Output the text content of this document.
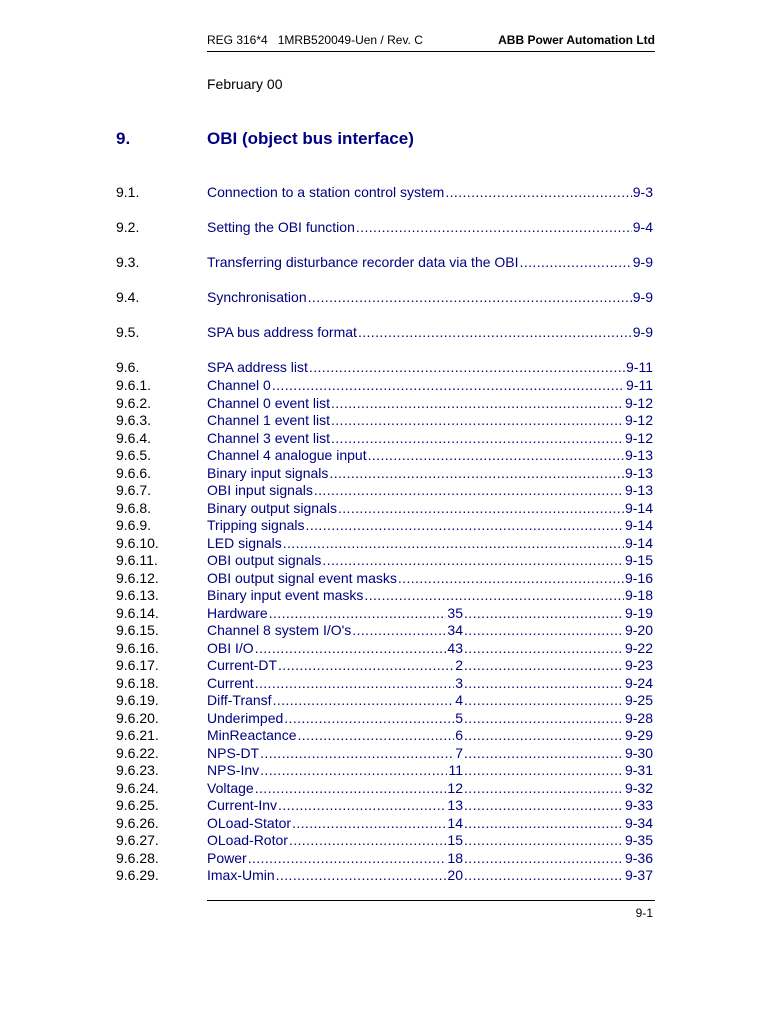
REG 316*4   1MRB520049-Uen / Rev. C	ABB Power Automation Ltd
February 00
9.	OBI (object bus interface)
9.1.	Connection to a station control system .....	9-3
9.2.	Setting the OBI function .....	9-4
9.3.	Transferring disturbance recorder data via the OBI .....	9-9
9.4.	Synchronisation .....	9-9
9.5.	SPA bus address format .....	9-9
9.6.	SPA address list .....	9-11
9.6.1.	Channel 0 .....	9-11
9.6.2.	Channel 0 event list .....	9-12
9.6.3.	Channel 1 event list .....	9-12
9.6.4.	Channel 3 event list .....	9-12
9.6.5.	Channel 4 analogue input .....	9-13
9.6.6.	Binary input signals .....	9-13
9.6.7.	OBI input signals .....	9-13
9.6.8.	Binary output signals .....	9-14
9.6.9.	Tripping signals .....	9-14
9.6.10.	LED signals .....	9-14
9.6.11.	OBI output signals .....	9-15
9.6.12.	OBI output signal event masks .....	9-16
9.6.13.	Binary input event masks .....	9-18
9.6.14.	Hardware .....	35 .....	9-19
9.6.15.	Channel 8 system I/O's .....	34 .....	9-20
9.6.16.	OBI I/O .....	43 .....	9-22
9.6.17.	Current-DT .....	2 .....	9-23
9.6.18.	Current .....	3 .....	9-24
9.6.19.	Diff-Transf .....	4 .....	9-25
9.6.20.	Underimped .....	5 .....	9-28
9.6.21.	MinReactance .....	6 .....	9-29
9.6.22.	NPS-DT .....	7 .....	9-30
9.6.23.	NPS-Inv .....	11 .....	9-31
9.6.24.	Voltage .....	12 .....	9-32
9.6.25.	Current-Inv .....	13 .....	9-33
9.6.26.	OLoad-Stator .....	14 .....	9-34
9.6.27.	OLoad-Rotor .....	15 .....	9-35
9.6.28.	Power .....	18 .....	9-36
9.6.29.	Imax-Umin .....	20 .....	9-37
9-1
